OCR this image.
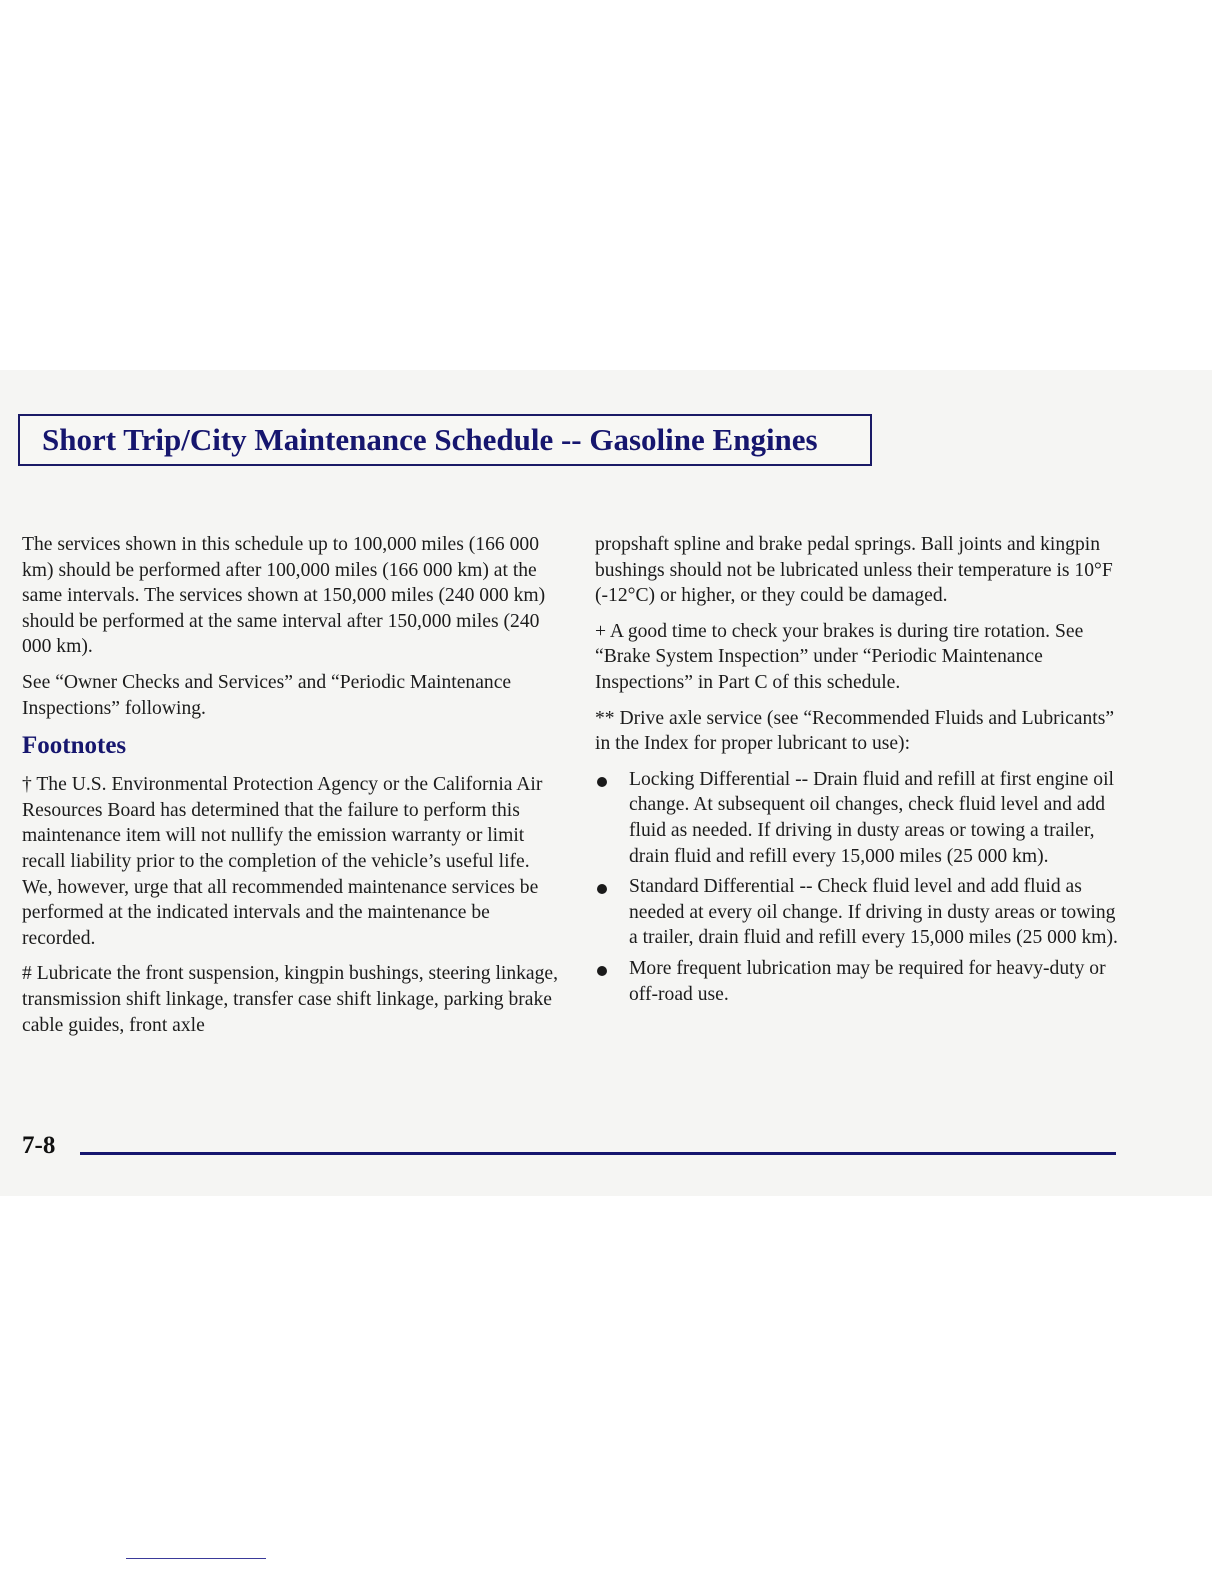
Short Trip/City Maintenance Schedule -- Gasoline Engines

The services shown in this schedule up to 100,000 miles (166 000 km) should be performed after 100,000 miles (166 000 km) at the same intervals. The services shown at 150,000 miles (240 000 km) should be performed at the same interval after 150,000 miles (240 000 km).

See “Owner Checks and Services” and “Periodic Maintenance Inspections” following.

Footnotes

† The U.S. Environmental Protection Agency or the California Air Resources Board has determined that the failure to perform this maintenance item will not nullify the emission warranty or limit recall liability prior to the completion of the vehicle’s useful life. We, however, urge that all recommended maintenance services be performed at the indicated intervals and the maintenance be recorded.

# Lubricate the front suspension, kingpin bushings, steering linkage, transmission shift linkage, transfer case shift linkage, parking brake cable guides, front axle

propshaft spline and brake pedal springs. Ball joints and kingpin bushings should not be lubricated unless their temperature is 10°F (-12°C) or higher, or they could be damaged.

+ A good time to check your brakes is during tire rotation. See “Brake System Inspection” under “Periodic Maintenance Inspections” in Part C of this schedule.

** Drive axle service (see “Recommended Fluids and Lubricants” in the Index for proper lubricant to use):

Locking Differential -- Drain fluid and refill at first engine oil change. At subsequent oil changes, check fluid level and add fluid as needed. If driving in dusty areas or towing a trailer, drain fluid and refill every 15,000 miles (25 000 km).
Standard Differential -- Check fluid level and add fluid as needed at every oil change. If driving in dusty areas or towing a trailer, drain fluid and refill every 15,000 miles (25 000 km).
More frequent lubrication may be required for heavy-duty or off-road use.
7-8
